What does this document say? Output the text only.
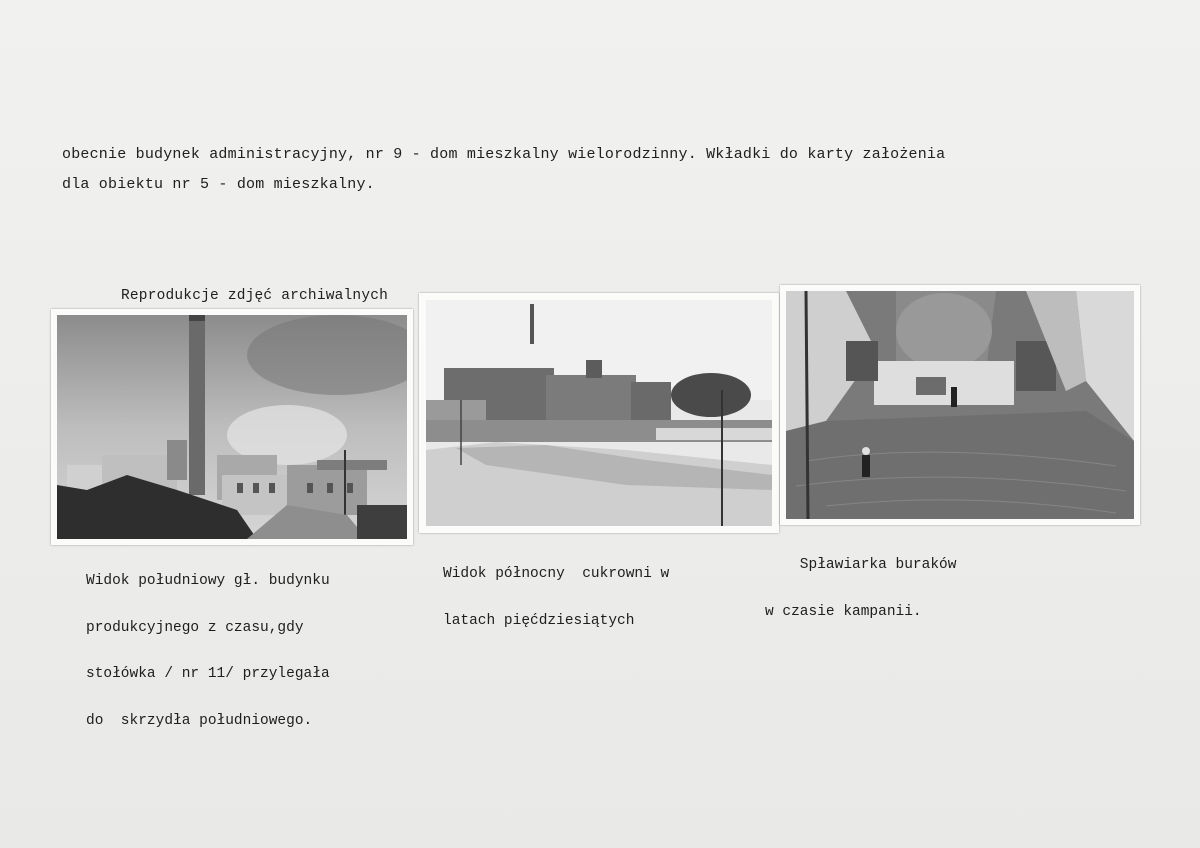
obecnie budynek administracyjny, nr 9 - dom mieszkalny wielorodzinny. Wkładki do karty założenia
dla obiektu nr 5 - dom mieszkalny.
Reprodukcje zdjęć archiwalnych

Widok południowy gł. budynku

produkcyjnego z czasu,gdy

stołówka / nr 11/ przylegała

do  skrzydła południowego.

Widok północny  cukrowni w

latach pięćdziesiątych

Spławiarka buraków

w czasie kampanii.
